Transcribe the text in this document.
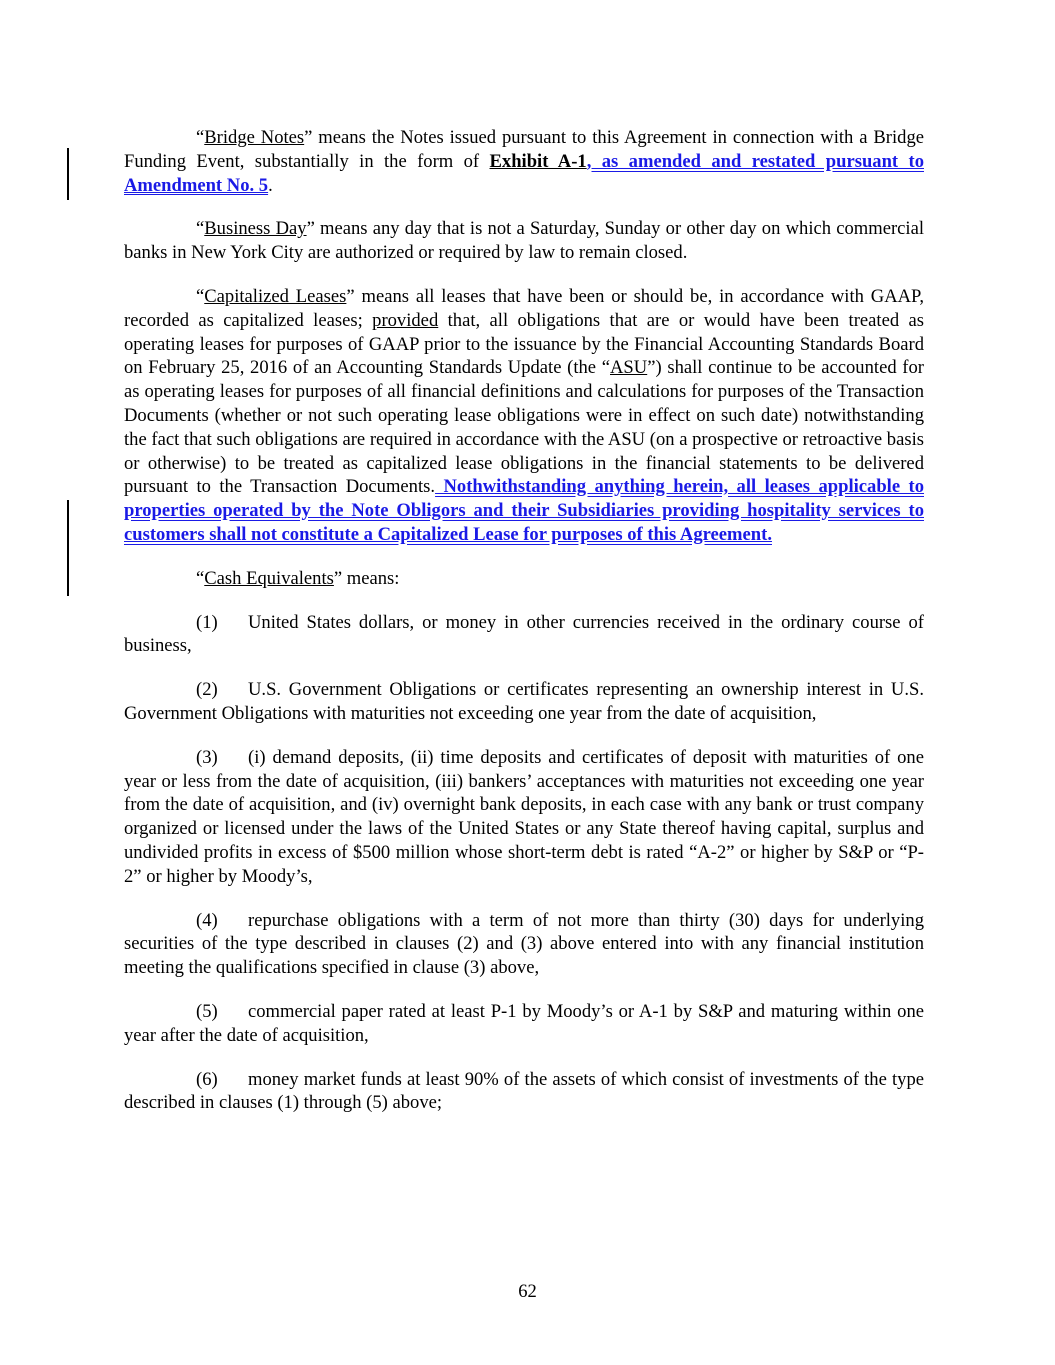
“Bridge Notes” means the Notes issued pursuant to this Agreement in connection with a Bridge Funding Event, substantially in the form of Exhibit A-1, as amended and restated pursuant to Amendment No. 5.

“Business Day” means any day that is not a Saturday, Sunday or other day on which commercial banks in New York City are authorized or required by law to remain closed.

“Capitalized Leases” means all leases that have been or should be, in accordance with GAAP, recorded as capitalized leases; provided that, all obligations that are or would have been treated as operating leases for purposes of GAAP prior to the issuance by the Financial Accounting Standards Board on February 25, 2016 of an Accounting Standards Update (the “ASU”) shall continue to be accounted for as operating leases for purposes of all financial definitions and calculations for purposes of the Transaction Documents (whether or not such operating lease obligations were in effect on such date) notwithstanding the fact that such obligations are required in accordance with the ASU (on a prospective or retroactive basis or otherwise) to be treated as capitalized lease obligations in the financial statements to be delivered pursuant to the Transaction Documents. Nothwithstanding anything herein, all leases applicable to properties operated by the Note Obligors and their Subsidiaries providing hospitality services to customers shall not constitute a Capitalized Lease for purposes of this Agreement.

“Cash Equivalents” means:

(1) United States dollars, or money in other currencies received in the ordinary course of business,

(2) U.S. Government Obligations or certificates representing an ownership interest in U.S. Government Obligations with maturities not exceeding one year from the date of acquisition,

(3) (i) demand deposits, (ii) time deposits and certificates of deposit with maturities of one year or less from the date of acquisition, (iii) bankers’ acceptances with maturities not exceeding one year from the date of acquisition, and (iv) overnight bank deposits, in each case with any bank or trust company organized or licensed under the laws of the United States or any State thereof having capital, surplus and undivided profits in excess of $500 million whose short-term debt is rated “A-2” or higher by S&P or “P-2” or higher by Moody’s,

(4) repurchase obligations with a term of not more than thirty (30) days for underlying securities of the type described in clauses (2) and (3) above entered into with any financial institution meeting the qualifications specified in clause (3) above,

(5) commercial paper rated at least P-1 by Moody’s or A-1 by S&P and maturing within one year after the date of acquisition,

(6) money market funds at least 90% of the assets of which consist of investments of the type described in clauses (1) through (5) above;

62
